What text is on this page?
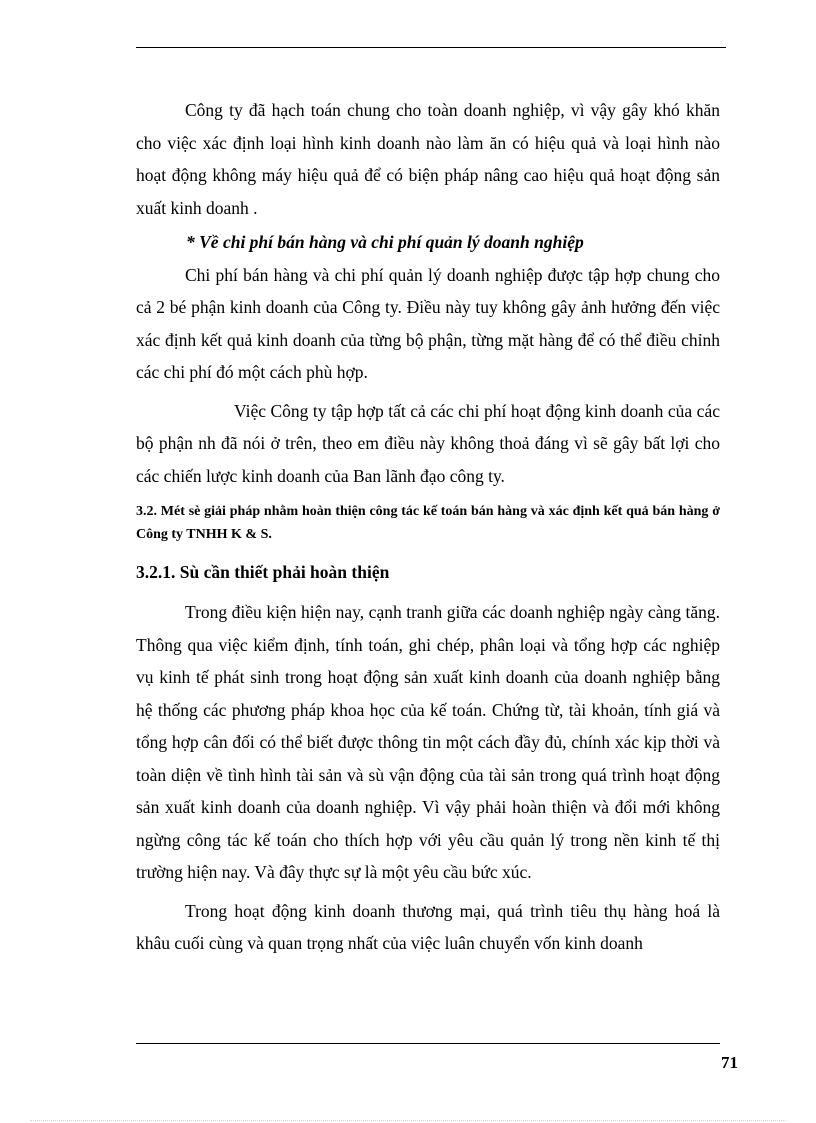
Công ty đã hạch toán chung cho toàn doanh nghiệp, vì vậy gây khó khăn cho việc xác định loại hình kinh doanh nào làm ăn có hiệu quả và loại hình nào hoạt động không máy hiệu quả để có biện pháp nâng cao hiệu quả hoạt động sản xuất kinh doanh .

* Về chi phí bán hàng và chi phí quản lý doanh nghiệp

Chi phí bán hàng và chi phí quản lý doanh nghiệp được tập hợp chung cho cả 2 bé phận kinh doanh của Công ty. Điều này tuy không gây ảnh hưởng đến việc xác định kết quả kinh doanh của từng bộ phận, từng mặt hàng để có thể điều chỉnh các chi phí đó một cách phù hợp.

Việc Công ty tập hợp tất cả các chi phí hoạt động kinh doanh của các bộ phận nh đã nói ở trên, theo em điều này không thoả đáng vì sẽ gây bất lợi cho các chiến lược kinh doanh của Ban lãnh đạo công ty.

3.2. Mét sè giải pháp nhằm hoàn thiện công tác kế toán bán hàng và xác định kết quả bán hàng ở Công ty TNHH K & S.

3.2.1. Sù cần thiết phải hoàn thiện

Trong điều kiện hiện nay, cạnh tranh giữa các doanh nghiệp ngày càng tăng. Thông qua việc kiểm định, tính toán, ghi chép, phân loại và tổng hợp các nghiệp vụ kinh tế phát sinh trong hoạt động sản xuất kinh doanh của doanh nghiệp bằng hệ thống các phương pháp khoa học của kế toán. Chứng từ, tài khoản, tính giá và tổng hợp cân đối có thể biết được thông tin một cách đầy đủ, chính xác kịp thời và toàn diện về tình hình tài sản và sù vận động của tài sản trong quá trình hoạt động sản xuất kinh doanh của doanh nghiệp. Vì vậy phải hoàn thiện và đổi mới không ngừng công tác kế toán cho thích hợp với yêu cầu quản lý trong nền kinh tế thị trường hiện nay. Và đây thực sự là một yêu cầu bức xúc.

Trong hoạt động kinh doanh thương mại, quá trình tiêu thụ hàng hoá là khâu cuối cùng và quan trọng nhất của việc luân chuyển vốn kinh doanh

71
